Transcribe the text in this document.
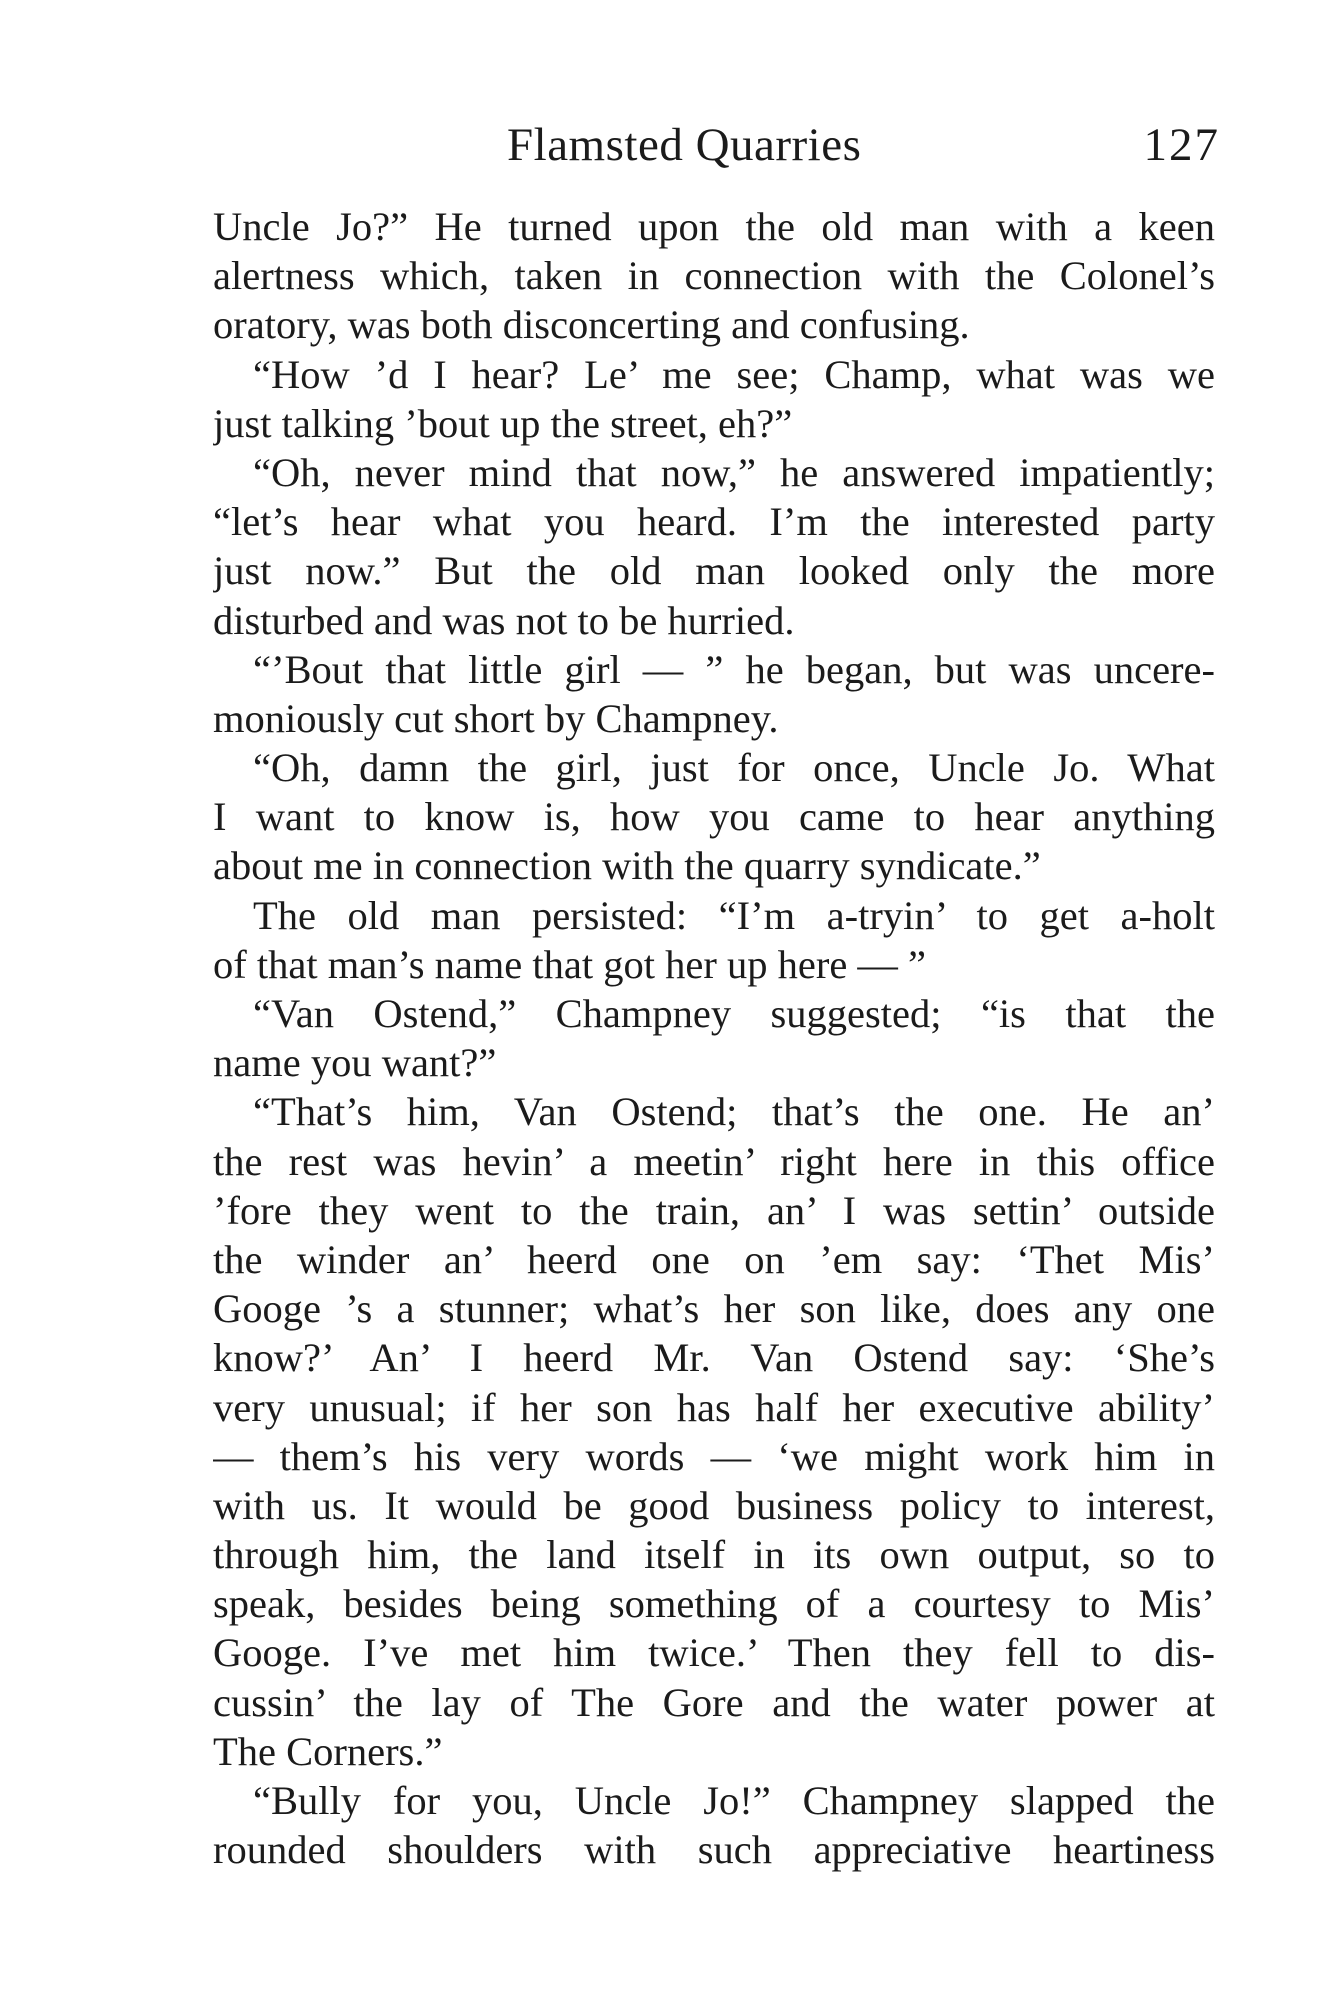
Flamsted Quarries	127
Uncle Jo?” He turned upon the old man with a keen
alertness which, taken in connection with the Colonel’s
oratory, was both disconcerting and confusing.
“How ’d I hear? Le’ me see; Champ, what was we
just talking ’bout up the street, eh?”
“Oh, never mind that now,” he answered impatiently;
“let’s hear what you heard. I’m the interested party
just now.” But the old man looked only the more
disturbed and was not to be hurried.
“’Bout that little girl — ” he began, but was uncere-
moniously cut short by Champney.
“Oh, damn the girl, just for once, Uncle Jo. What
I want to know is, how you came to hear anything
about me in connection with the quarry syndicate.”
The old man persisted: “I’m a-tryin’ to get a-holt
of that man’s name that got her up here — ”
“Van Ostend,” Champney suggested; “is that the
name you want?”
“That’s him, Van Ostend; that’s the one. He an’
the rest was hevin’ a meetin’ right here in this office
’fore they went to the train, an’ I was settin’ outside
the winder an’ heerd one on ’em say: ‘Thet Mis’
Googe ’s a stunner; what’s her son like, does any one
know?’ An’ I heerd Mr. Van Ostend say: ‘She’s
very unusual; if her son has half her executive ability’
— them’s his very words — ‘we might work him in
with us. It would be good business policy to interest,
through him, the land itself in its own output, so to
speak, besides being something of a courtesy to Mis’
Googe. I’ve met him twice.’ Then they fell to dis-
cussin’ the lay of The Gore and the water power at
The Corners.”
“Bully for you, Uncle Jo!” Champney slapped the
rounded shoulders with such appreciative heartiness
